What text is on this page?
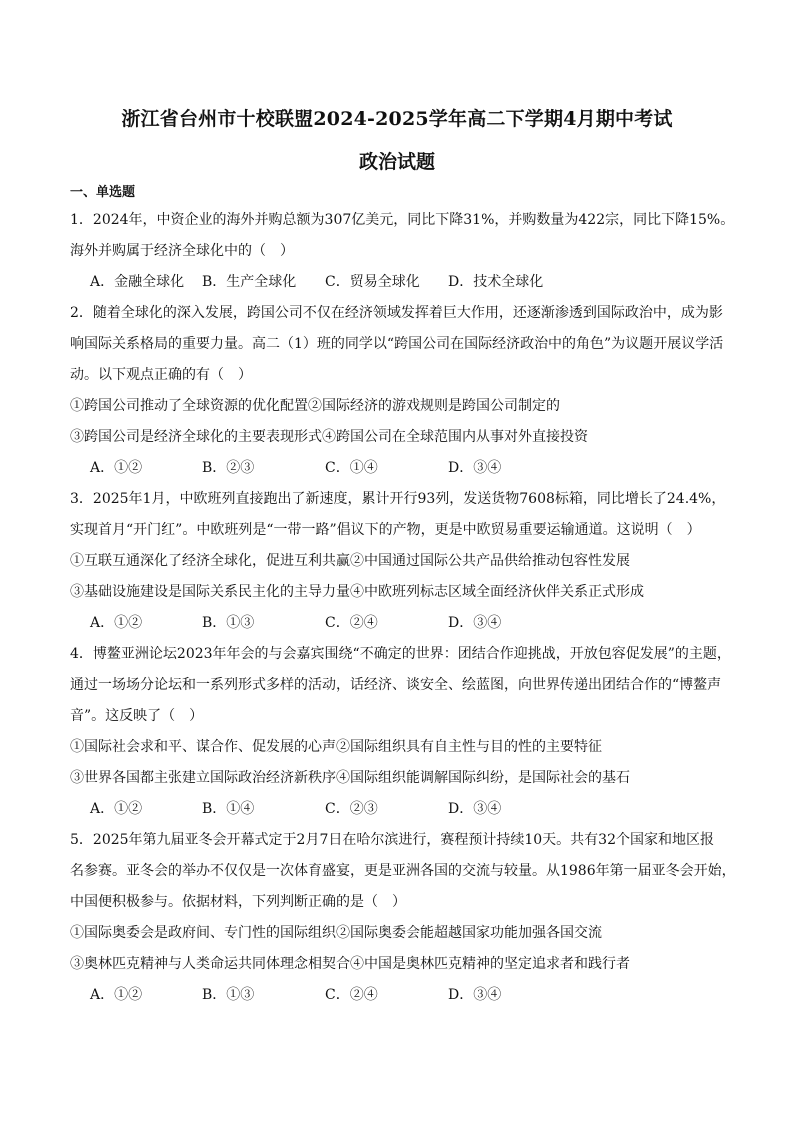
浙江省台州市十校联盟2024-2025学年高二下学期4月期中考试
政治试题
一、单选题
1．2024年，中资企业的海外并购总额为307亿美元，同比下降31%，并购数量为422宗，同比下降15%。
海外并购属于经济全球化中的（　）
A．金融全球化	B．生产全球化	C．贸易全球化	D．技术全球化
2．随着全球化的深入发展，跨国公司不仅在经济领域发挥着巨大作用，还逐渐渗透到国际政治中，成为影
响国际关系格局的重要力量。高二（1）班的同学以“跨国公司在国际经济政治中的角色”为议题开展议学活
动。以下观点正确的有（　）
①跨国公司推动了全球资源的优化配置②国际经济的游戏规则是跨国公司制定的
③跨国公司是经济全球化的主要表现形式④跨国公司在全球范围内从事对外直接投资
A．①②	B．②③	C．①④	D．③④
3．2025年1月，中欧班列直接跑出了新速度，累计开行93列，发送货物7608标箱，同比增长了24.4%，
实现首月“开门红”。中欧班列是“一带一路”倡议下的产物，更是中欧贸易重要运输通道。这说明（　）
①互联互通深化了经济全球化，促进互利共赢②中国通过国际公共产品供给推动包容性发展
③基础设施建设是国际关系民主化的主导力量④中欧班列标志区域全面经济伙伴关系正式形成
A．①②	B．①③	C．②④	D．③④
4．博鳌亚洲论坛2023年年会的与会嘉宾围绕“不确定的世界：团结合作迎挑战，开放包容促发展”的主题，
通过一场场分论坛和一系列形式多样的活动，话经济、谈安全、绘蓝图，向世界传递出团结合作的“博鳌声
音”。这反映了（　）
①国际社会求和平、谋合作、促发展的心声②国际组织具有自主性与目的性的主要特征
③世界各国都主张建立国际政治经济新秩序④国际组织能调解国际纠纷，是国际社会的基石
A．①②	B．①④	C．②③	D．③④
5．2025年第九届亚冬会开幕式定于2月7日在哈尔滨进行，赛程预计持续10天。共有32个国家和地区报
名参赛。亚冬会的举办不仅仅是一次体育盛宴，更是亚洲各国的交流与较量。从1986年第一届亚冬会开始，
中国便积极参与。依据材料，下列判断正确的是（　）
①国际奥委会是政府间、专门性的国际组织②国际奥委会能超越国家功能加强各国交流
③奥林匹克精神与人类命运共同体理念相契合④中国是奥林匹克精神的坚定追求者和践行者
A．①②	B．①③	C．②④	D．③④
